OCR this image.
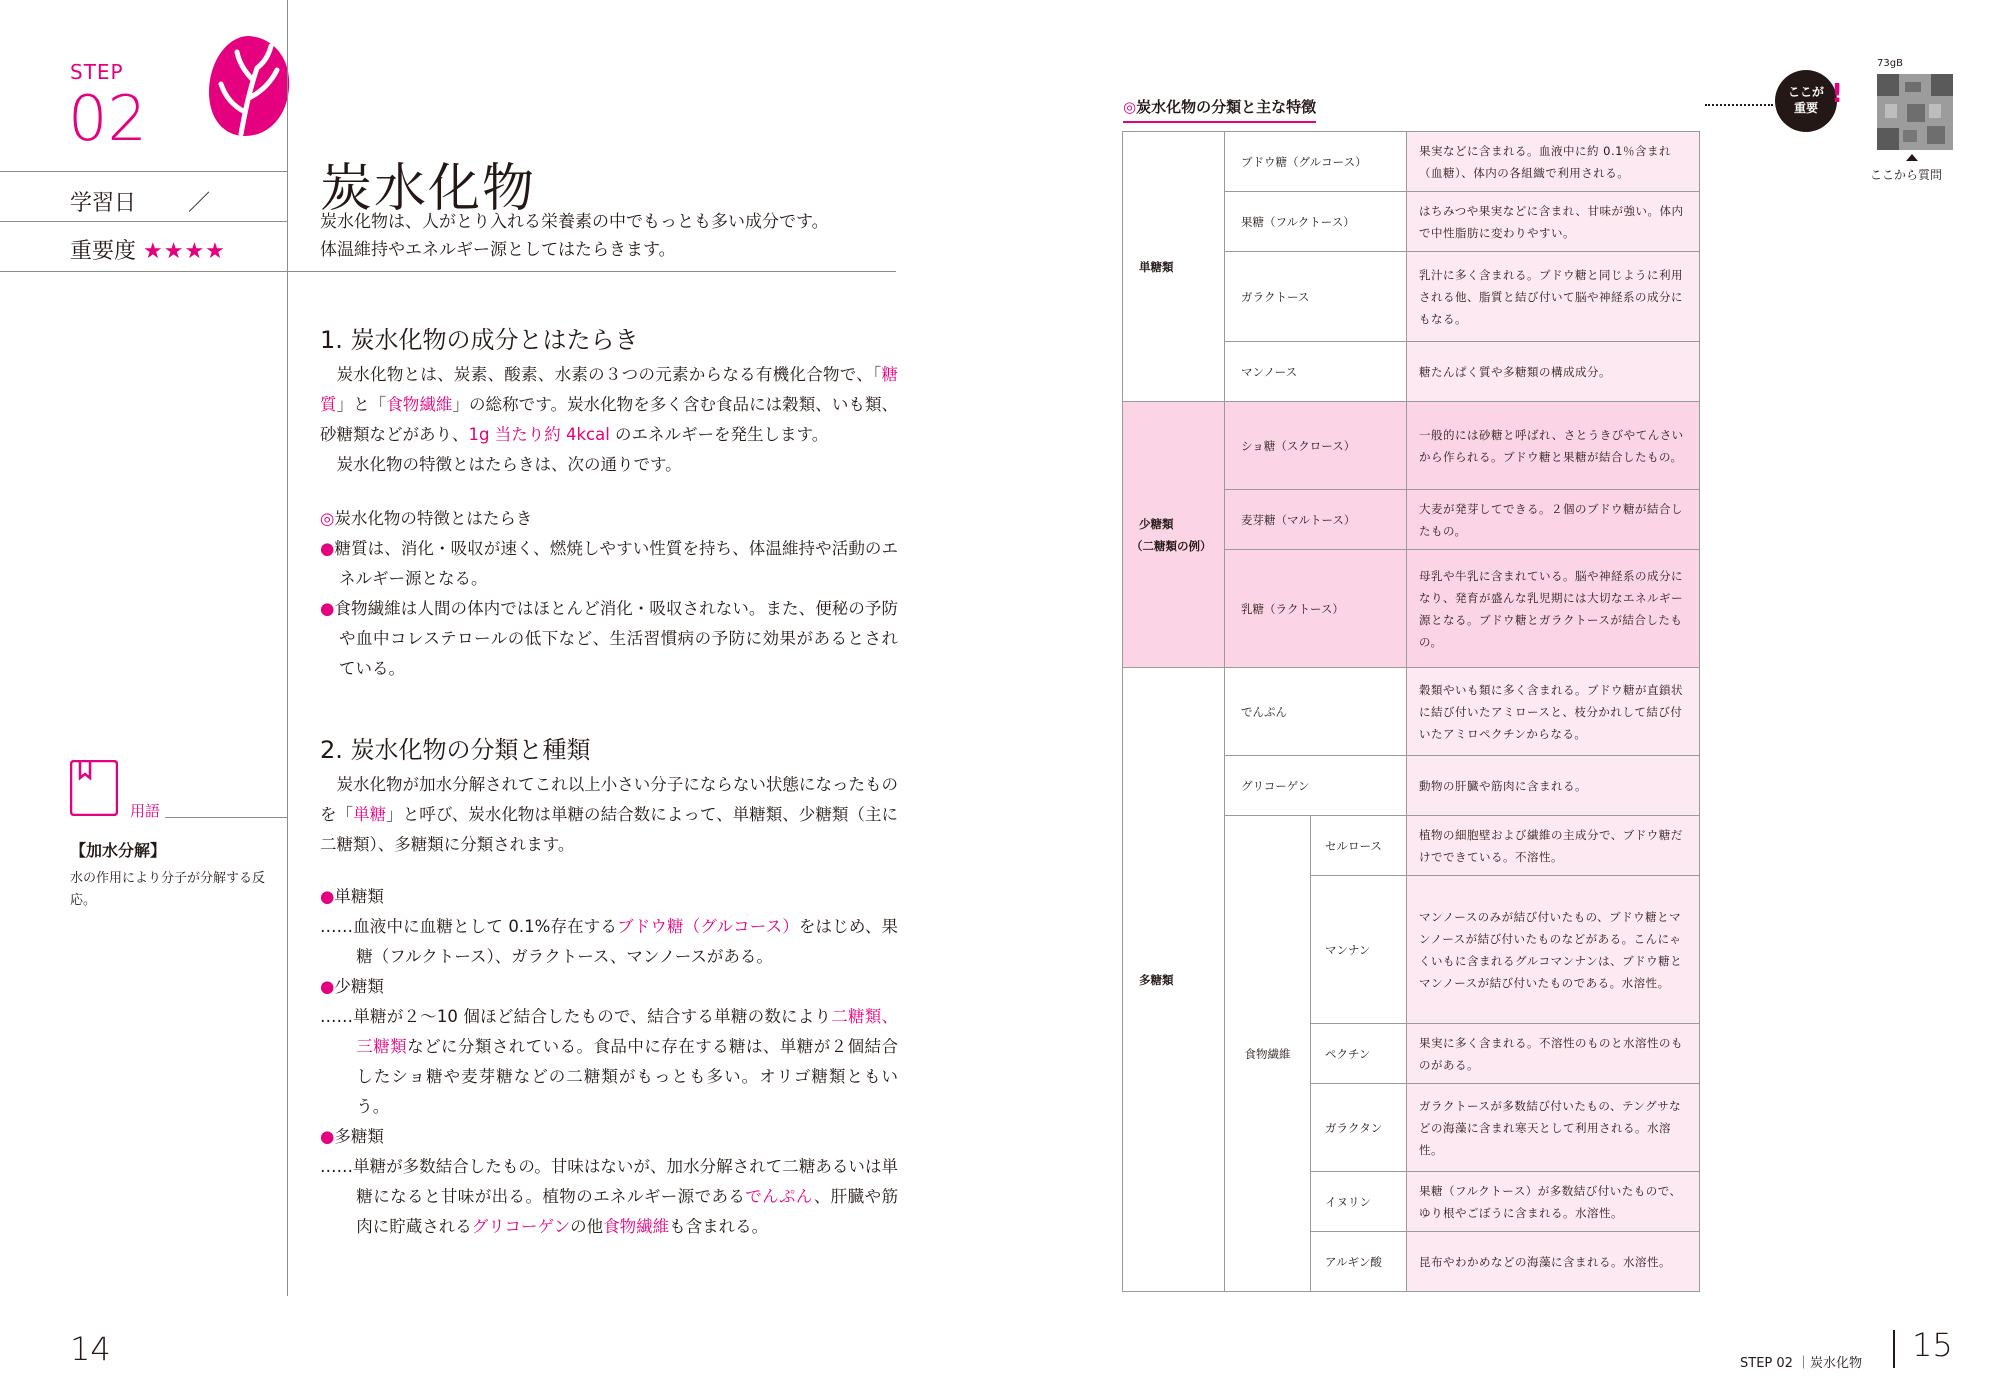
STEP
02
学習日 ／
重要度 ★★★★
炭水化物
炭水化物は、人がとり入れる栄養素の中でもっとも多い成分です。
体温維持やエネルギー源としてはたらきます。
1. 炭水化物の成分とはたらき

炭水化物とは、炭素、酸素、水素の３つの元素からなる有機化合物で、「糖質」と「食物繊維」の総称です。炭水化物を多く含む食品には穀類、いも類、砂糖類などがあり、1g 当たり約 4kcal のエネルギーを発生します。

炭水化物の特徴とはたらきは、次の通りです。

◎炭水化物の特徴とはたらき

●糖質は、消化・吸収が速く、燃焼しやすい性質を持ち、体温維持や活動のエネルギー源となる。

●食物繊維は人間の体内ではほとんど消化・吸収されない。また、便秘の予防や血中コレステロールの低下など、生活習慣病の予防に効果があるとされている。

2. 炭水化物の分類と種類

炭水化物が加水分解されてこれ以上小さい分子にならない状態になったものを「単糖」と呼び、炭水化物は単糖の結合数によって、単糖類、少糖類（主に二糖類）、多糖類に分類されます。

●単糖類

……血液中に血糖として 0.1%存在するブドウ糖（グルコース）をはじめ、果糖（フルクトース）、ガラクトース、マンノースがある。

●少糖類

……単糖が２～10 個ほど結合したもので、結合する単糖の数により二糖類、三糖類などに分類されている。食品中に存在する糖は、単糖が２個結合したショ糖や麦芽糖などの二糖類がもっとも多い。オリゴ糖類ともいう。

●多糖類

……単糖が多数結合したもの。甘味はないが、加水分解されて二糖あるいは単糖になると甘味が出る。植物のエネルギー源であるでんぷん、肝臓や筋肉に貯蔵されるグリコーゲンの他食物繊維も含まれる。

用語
【加水分解】
水の作用により分子が分解する反応。
14
◎炭水化物の分類と主な特徴
単糖類	ブドウ糖（グルコース）		果実などに含まれる。血液中に約 0.1％含まれ（血糖）、体内の各組織で利用される。
	果糖（フルクトース）		はちみつや果実などに含まれ、甘味が強い。体内で中性脂肪に変わりやすい。
	ガラクトース		乳汁に多く含まれる。ブドウ糖と同じように利用される他、脂質と結び付いて脳や神経系の成分にもなる。
	マンノース		糖たんぱく質や多糖類の構成成分。

少糖類
（二糖類の例）	ショ糖（スクロース）		一般的には砂糖と呼ばれ、さとうきびやてんさいから作られる。ブドウ糖と果糖が結合したもの。
	麦芽糖（マルトース）		大麦が発芽してできる。２個のブドウ糖が結合したもの。
	乳糖（ラクトース）		母乳や牛乳に含まれている。脳や神経系の成分になり、発育が盛んな乳児期には大切なエネルギー源となる。ブドウ糖とガラクトースが結合したもの。
多糖類	でんぷん		穀類やいも類に多く含まれる。ブドウ糖が直鎖状に結び付いたアミロースと、枝分かれして結び付いたアミロペクチンからなる。
	グリコーゲン		動物の肝臓や筋肉に含まれる。
	食物繊維	セルロース	植物の細胞壁および繊維の主成分で、ブドウ糖だけでできている。不溶性。
		マンナン	マンノースのみが結び付いたもの、ブドウ糖とマンノースが結び付いたものなどがある。こんにゃくいもに含まれるグルコマンナンは、ブドウ糖とマンノースが結び付いたものである。水溶性。
		ペクチン	果実に多く含まれる。不溶性のものと水溶性のものがある。
		ガラクタン	ガラクトースが多数結び付いたもの、テングサなどの海藻に含まれ寒天として利用される。水溶性。
		イヌリン	果糖（フルクトース）が多数結び付いたもので、ゆり根やごぼうに含まれる。水溶性。
		アルギン酸	昆布やわかめなどの海藻に含まれる。水溶性。
ここが
重要 !
73gB
ここから質問
STEP 02 ｜炭水化物 15
